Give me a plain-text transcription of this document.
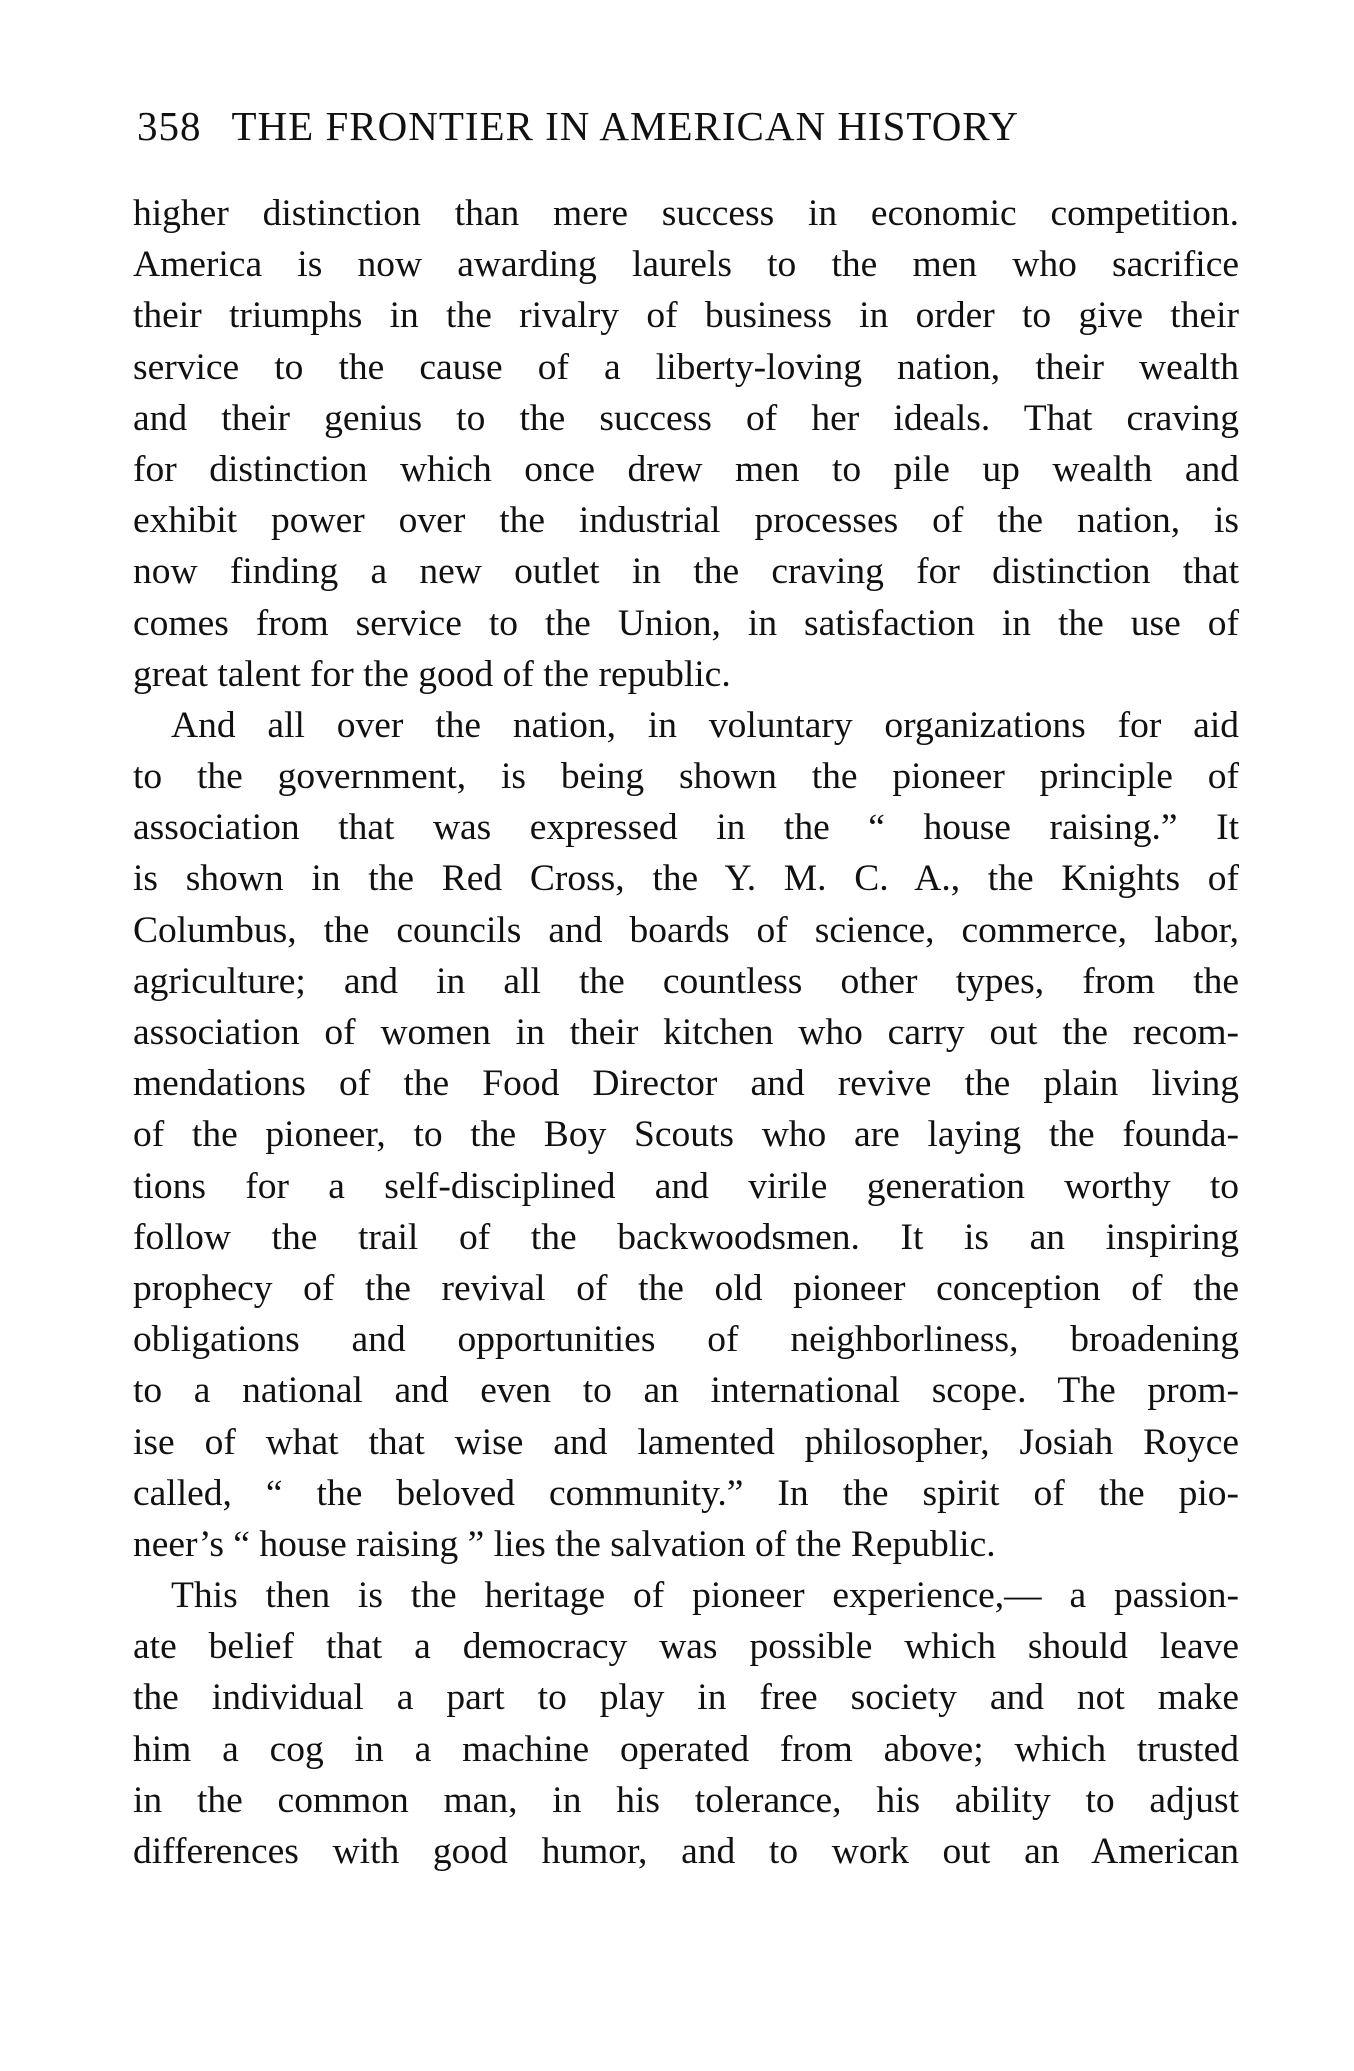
358 THE FRONTIER IN AMERICAN HISTORY
higher distinction than mere success in economic competition.
America is now awarding laurels to the men who sacrifice
their triumphs in the rivalry of business in order to give their
service to the cause of a liberty-loving nation, their wealth
and their genius to the success of her ideals. That craving
for distinction which once drew men to pile up wealth and
exhibit power over the industrial processes of the nation, is
now finding a new outlet in the craving for distinction that
comes from service to the Union, in satisfaction in the use of
great talent for the good of the republic.
And all over the nation, in voluntary organizations for aid
to the government, is being shown the pioneer principle of
association that was expressed in the “ house raising.” It
is shown in the Red Cross, the Y. M. C. A., the Knights of
Columbus, the councils and boards of science, commerce, labor,
agriculture; and in all the countless other types, from the
association of women in their kitchen who carry out the recom-
mendations of the Food Director and revive the plain living
of the pioneer, to the Boy Scouts who are laying the founda-
tions for a self-disciplined and virile generation worthy to
follow the trail of the backwoodsmen. It is an inspiring
prophecy of the revival of the old pioneer conception of the
obligations and opportunities of neighborliness, broadening
to a national and even to an international scope. The prom-
ise of what that wise and lamented philosopher, Josiah Royce
called, “ the beloved community.” In the spirit of the pio-
neer’s “ house raising ” lies the salvation of the Republic.
This then is the heritage of pioneer experience,— a passion-
ate belief that a democracy was possible which should leave
the individual a part to play in free society and not make
him a cog in a machine operated from above; which trusted
in the common man, in his tolerance, his ability to adjust
differences with good humor, and to work out an American
